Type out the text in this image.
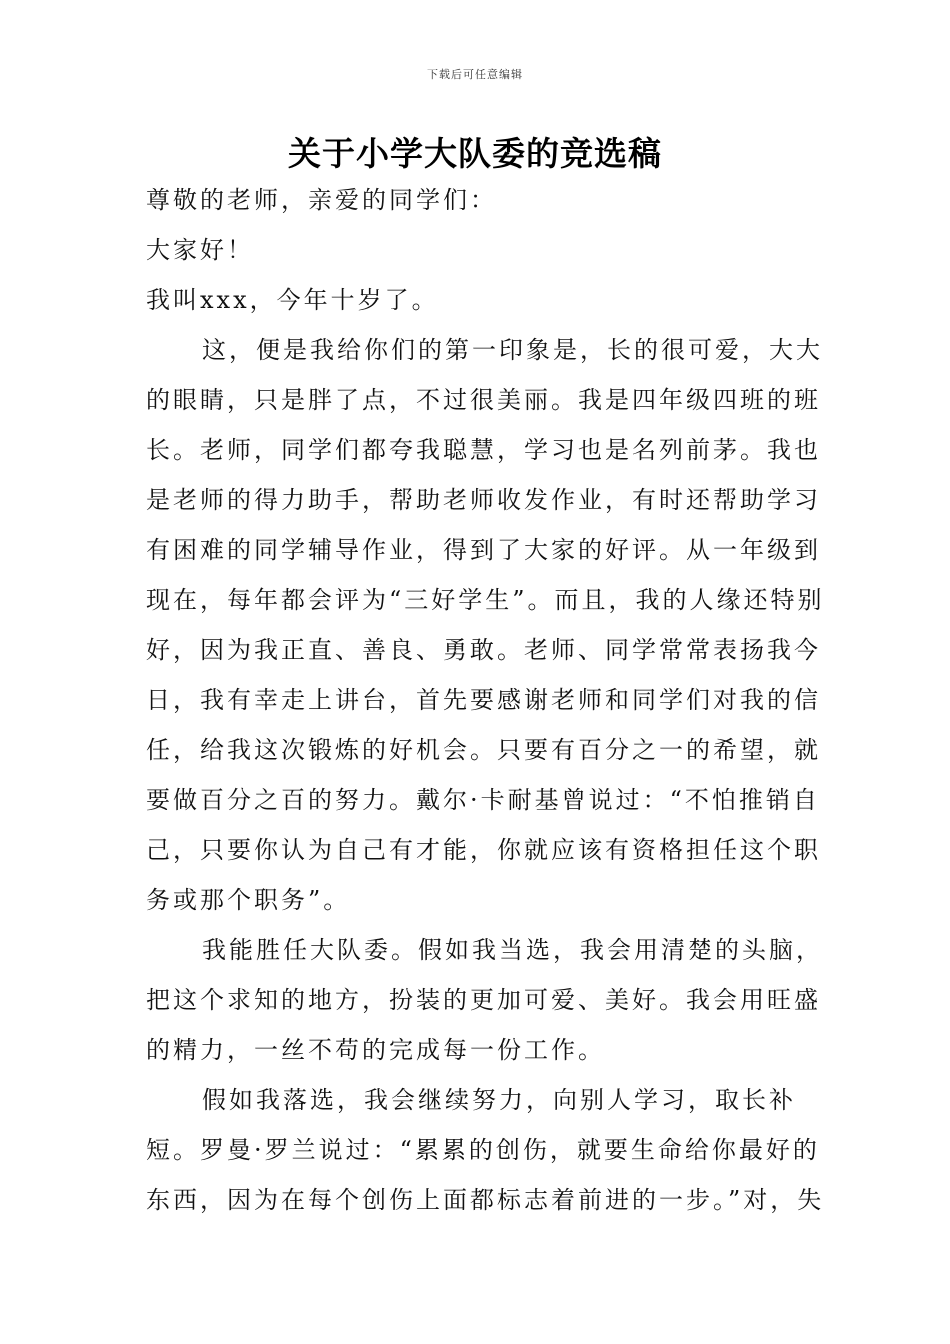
下载后可任意编辑
关于小学大队委的竞选稿

尊敬的老师，亲爱的同学们：

大家好！

我叫xxx，今年十岁了。

这，便是我给你们的第一印象是，长的很可爱，大大的眼睛，只是胖了点，不过很美丽。我是四年级四班的班长。老师，同学们都夸我聪慧，学习也是名列前茅。我也是老师的得力助手，帮助老师收发作业，有时还帮助学习有困难的同学辅导作业，得到了大家的好评。从一年级到现在，每年都会评为“三好学生”。而且，我的人缘还特别好，因为我正直、善良、勇敢。老师、同学常常表扬我今日，我有幸走上讲台，首先要感谢老师和同学们对我的信任，给我这次锻炼的好机会。只要有百分之一的希望，就要做百分之百的努力。戴尔·卡耐基曾说过：“不怕推销自己，只要你认为自己有才能，你就应该有资格担任这个职务或那个职务”。

我能胜任大队委。假如我当选，我会用清楚的头脑，把这个求知的地方，扮装的更加可爱、美好。我会用旺盛的精力，一丝不苟的完成每一份工作。

假如我落选，我会继续努力，向别人学习，取长补短。罗曼·罗兰说过：“累累的创伤，就要生命给你最好的东西，因为在每个创伤上面都标志着前进的一步。”对，失
